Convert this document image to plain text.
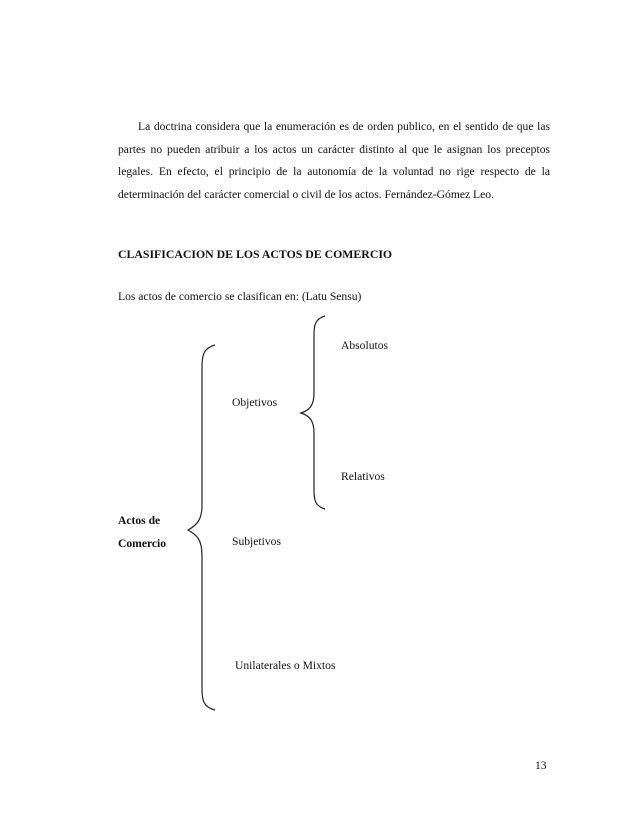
La doctrina considera que la enumeración es de orden publico, en el sentido de que las partes no pueden atribuir a los actos un carácter distinto al que le asignan los preceptos legales. En efecto, el principio de la autonomía de la voluntad no rige respecto de la determinación del carácter comercial o civil de los actos. Fernández-Gómez Leo.

CLASIFICACION DE LOS ACTOS DE COMERCIO

Los actos de comercio se clasifican en: (Latu Sensu)

Absolutos
Objetivos
Relativos
Actos de
Comercio	Subjetivos
Unilaterales o Mixtos
13
